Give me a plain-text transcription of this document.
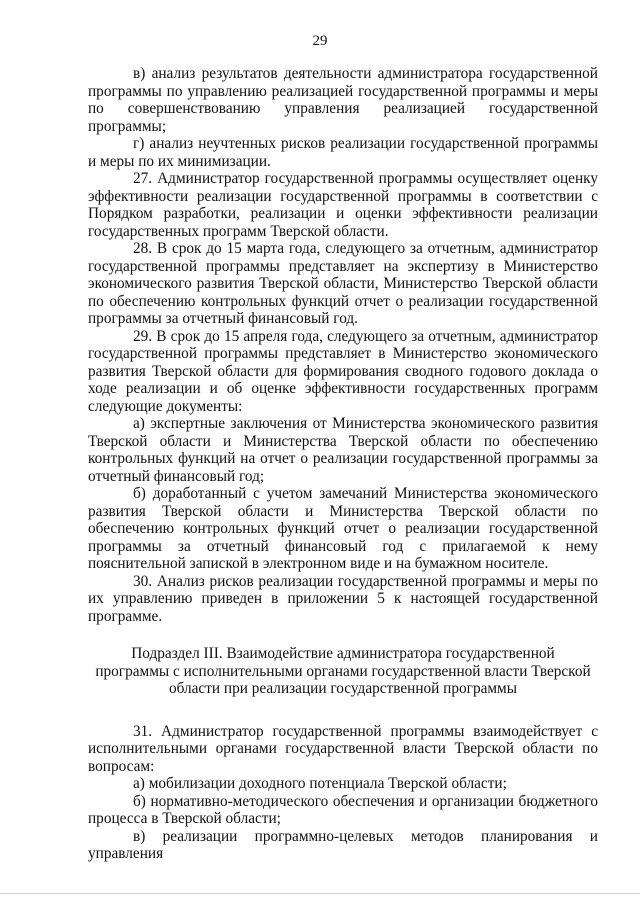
29

в) анализ результатов деятельности администратора государственной программы по управлению реализацией государственной программы и меры по совершенствованию управления реализацией государственной программы;

г) анализ неучтенных рисков реализации государственной программы и меры по их минимизации.

27. Администратор государственной программы осуществляет оценку эффективности реализации государственной программы в соответствии с Порядком разработки, реализации и оценки эффективности реализации государственных программ Тверской области.

28. В срок до 15 марта года, следующего за отчетным, администратор государственной программы представляет на экспертизу в Министерство экономического развития Тверской области, Министерство Тверской области по обеспечению контрольных функций отчет о реализации государственной программы за отчетный финансовый год.

29. В срок до 15 апреля года, следующего за отчетным, администратор государственной программы представляет в Министерство экономического развития Тверской области для формирования сводного годового доклада о ходе реализации и об оценке эффективности государственных программ следующие документы:

а) экспертные заключения от Министерства экономического развития Тверской области и Министерства Тверской области по обеспечению контрольных функций на отчет о реализации государственной программы за отчетный финансовый год;

б) доработанный с учетом замечаний Министерства экономического развития Тверской области и Министерства Тверской области по обеспечению контрольных функций отчет о реализации государственной программы за отчетный финансовый год с прилагаемой к нему пояснительной запиской в электронном виде и на бумажном носителе.

30. Анализ рисков реализации государственной программы и меры по их управлению приведен в приложении 5 к настоящей государственной программе.

Подраздел III. Взаимодействие администратора государственной программы с исполнительными органами государственной власти Тверской области при реализации государственной программы

31. Администратор государственной программы взаимодействует с исполнительными органами государственной власти Тверской области по вопросам:

а) мобилизации доходного потенциала Тверской области;

б) нормативно-методического обеспечения и организации бюджетного процесса в Тверской области;

в) реализации программно-целевых методов планирования и управления
